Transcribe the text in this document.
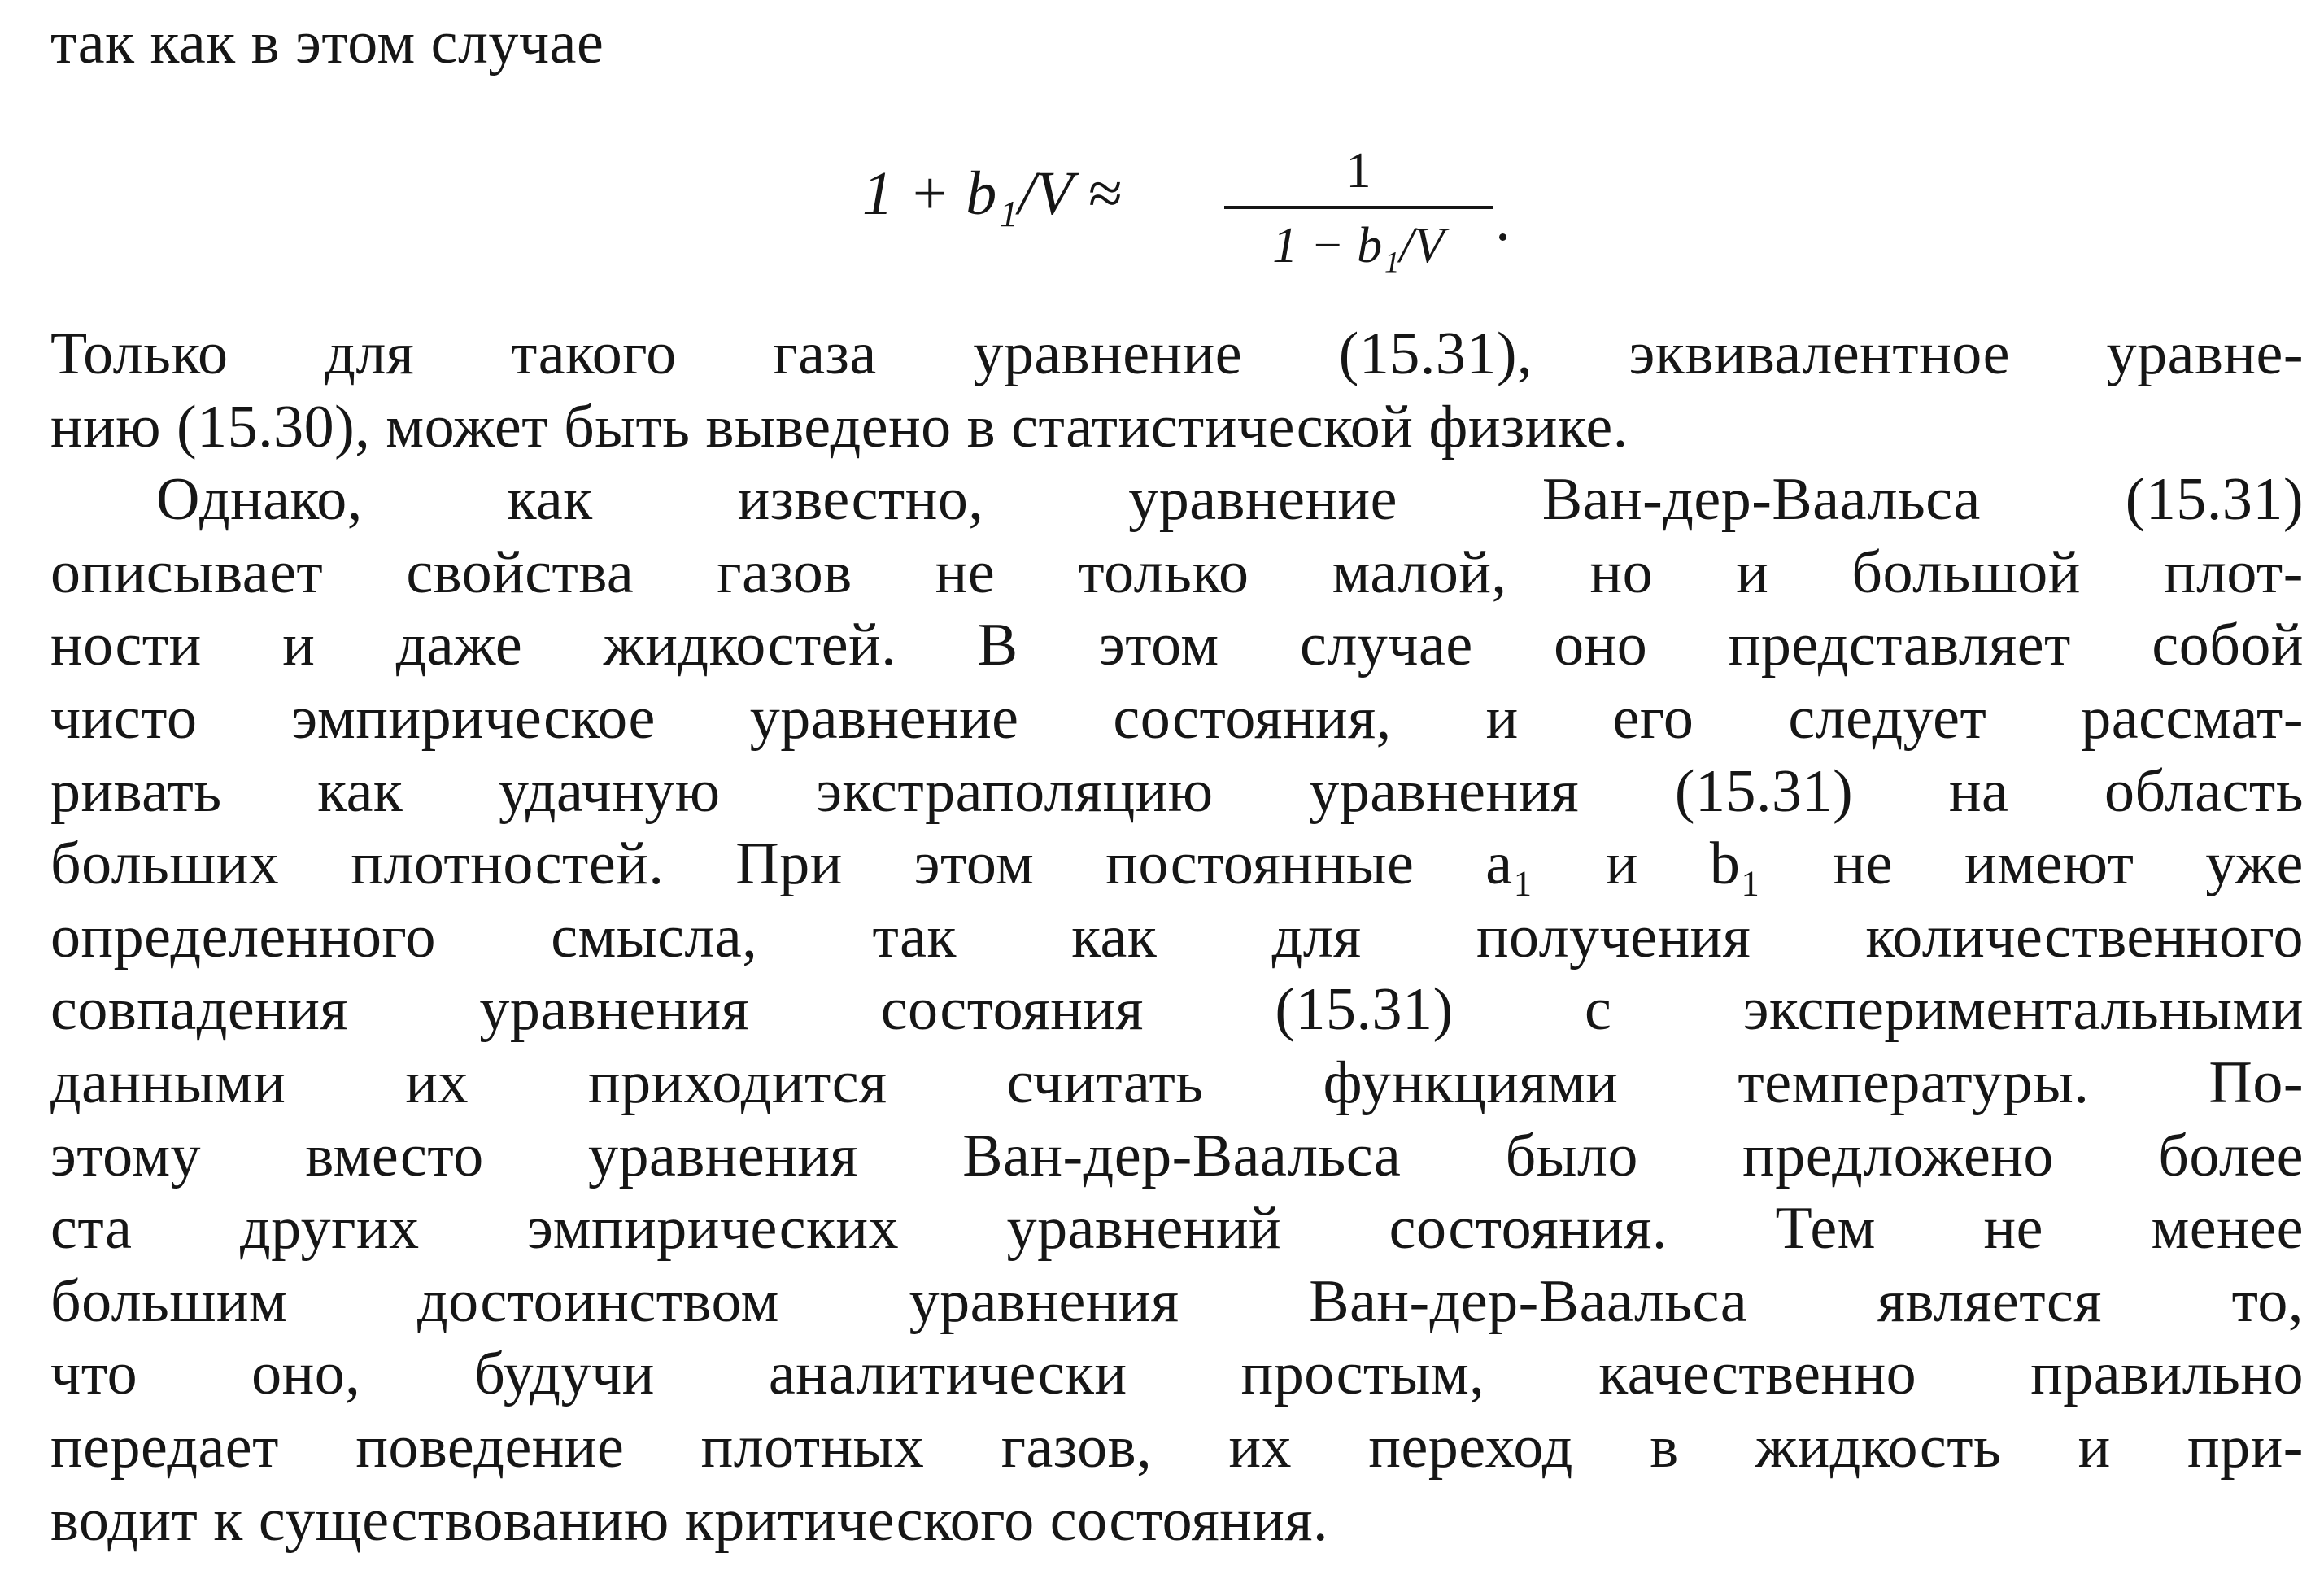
так как в этом случае
1 + b₁/V ≈	1
1 − b₁/V .
Только для такого газа уравнение (15.31), эквивалентное уравне-
нию (15.30), может быть выведено в статистической физике.
Однако, как известно, уравнение Ван-дер-Ваальса (15.31)
описывает свойства газов не только малой, но и большой плот-
ности и даже жидкостей. В этом случае оно представляет собой
чисто эмпирическое уравнение состояния, и его следует рассмат-
ривать как удачную экстраполяцию уравнения (15.31) на область
больших плотностей. При этом постоянные a₁ и b₁ не имеют уже
определенного смысла, так как для получения количественного
совпадения уравнения состояния (15.31) с экспериментальными
данными их приходится считать функциями температуры. По-
этому вместо уравнения Ван-дер-Ваальса было предложено более
ста других эмпирических уравнений состояния. Тем не менее
большим достоинством уравнения Ван-дер-Ваальса является то,
что оно, будучи аналитически простым, качественно правильно
передает поведение плотных газов, их переход в жидкость и при-
водит к существованию критического состояния.
